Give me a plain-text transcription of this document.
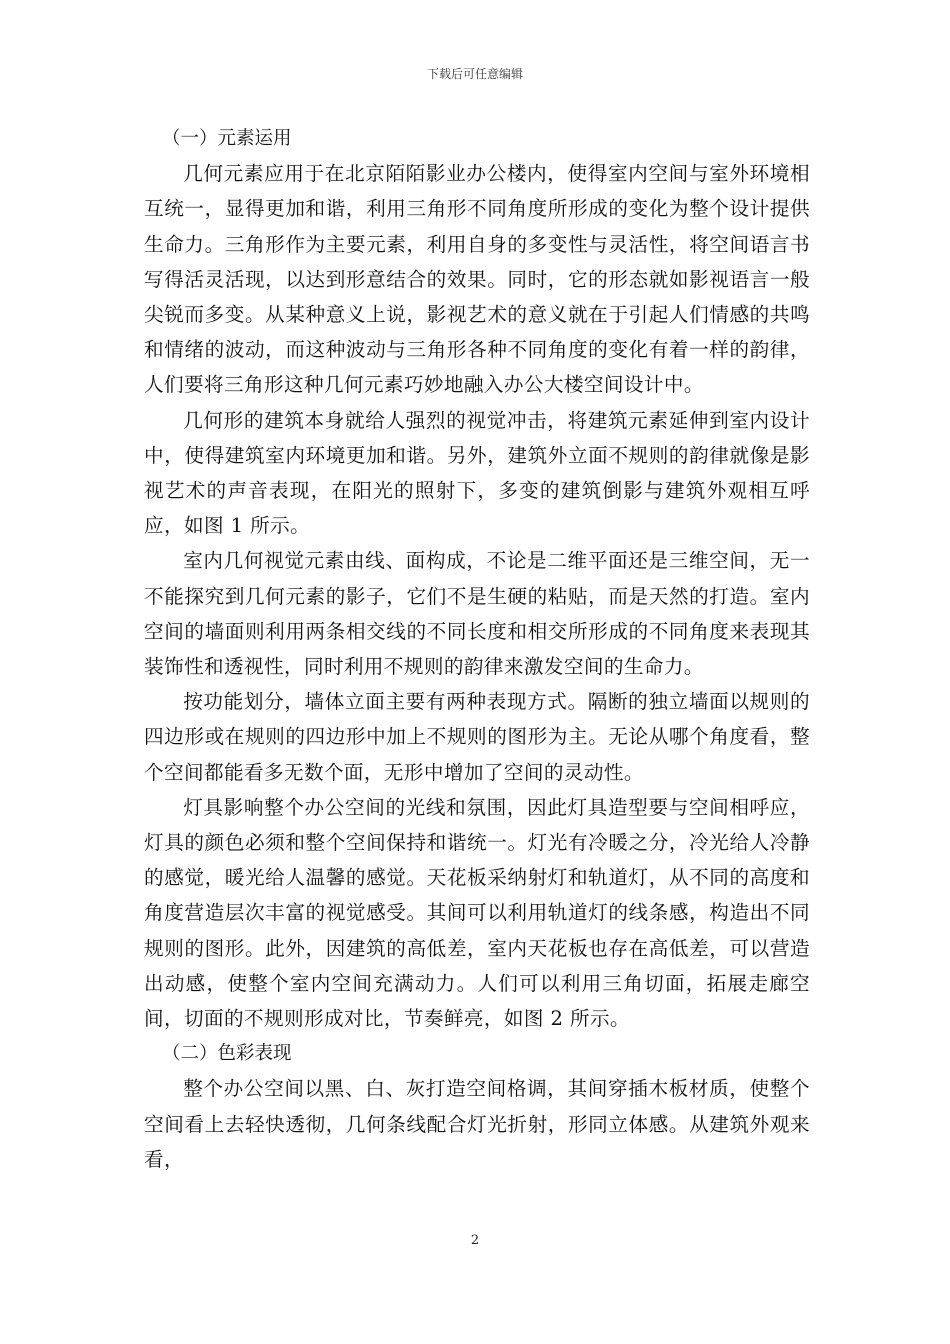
下载后可任意编辑

（一）元素运用

几何元素应用于在北京陌陌影业办公楼内，使得室内空间与室外环境相互统一，显得更加和谐，利用三角形不同角度所形成的变化为整个设计提供生命力。三角形作为主要元素，利用自身的多变性与灵活性，将空间语言书写得活灵活现，以达到形意结合的效果。同时，它的形态就如影视语言一般尖锐而多变。从某种意义上说，影视艺术的意义就在于引起人们情感的共鸣和情绪的波动，而这种波动与三角形各种不同角度的变化有着一样的韵律，人们要将三角形这种几何元素巧妙地融入办公大楼空间设计中。

几何形的建筑本身就给人强烈的视觉冲击，将建筑元素延伸到室内设计中，使得建筑室内环境更加和谐。另外，建筑外立面不规则的韵律就像是影视艺术的声音表现，在阳光的照射下，多变的建筑倒影与建筑外观相互呼应，如图 1 所示。

室内几何视觉元素由线、面构成，不论是二维平面还是三维空间，无一不能探究到几何元素的影子，它们不是生硬的粘贴，而是天然的打造。室内空间的墙面则利用两条相交线的不同长度和相交所形成的不同角度来表现其装饰性和透视性，同时利用不规则的韵律来激发空间的生命力。

按功能划分，墙体立面主要有两种表现方式。隔断的独立墙面以规则的四边形或在规则的四边形中加上不规则的图形为主。无论从哪个角度看，整个空间都能看多无数个面，无形中增加了空间的灵动性。

灯具影响整个办公空间的光线和氛围，因此灯具造型要与空间相呼应，灯具的颜色必须和整个空间保持和谐统一。灯光有冷暖之分，冷光给人冷静的感觉，暖光给人温馨的感觉。天花板采纳射灯和轨道灯，从不同的高度和角度营造层次丰富的视觉感受。其间可以利用轨道灯的线条感，构造出不同规则的图形。此外，因建筑的高低差，室内天花板也存在高低差，可以营造出动感，使整个室内空间充满动力。人们可以利用三角切面，拓展走廊空间，切面的不规则形成对比，节奏鲜亮，如图 2 所示。

（二）色彩表现

整个办公空间以黑、白、灰打造空间格调，其间穿插木板材质，使整个空间看上去轻快透彻，几何条线配合灯光折射，形同立体感。从建筑外观来看，

2
